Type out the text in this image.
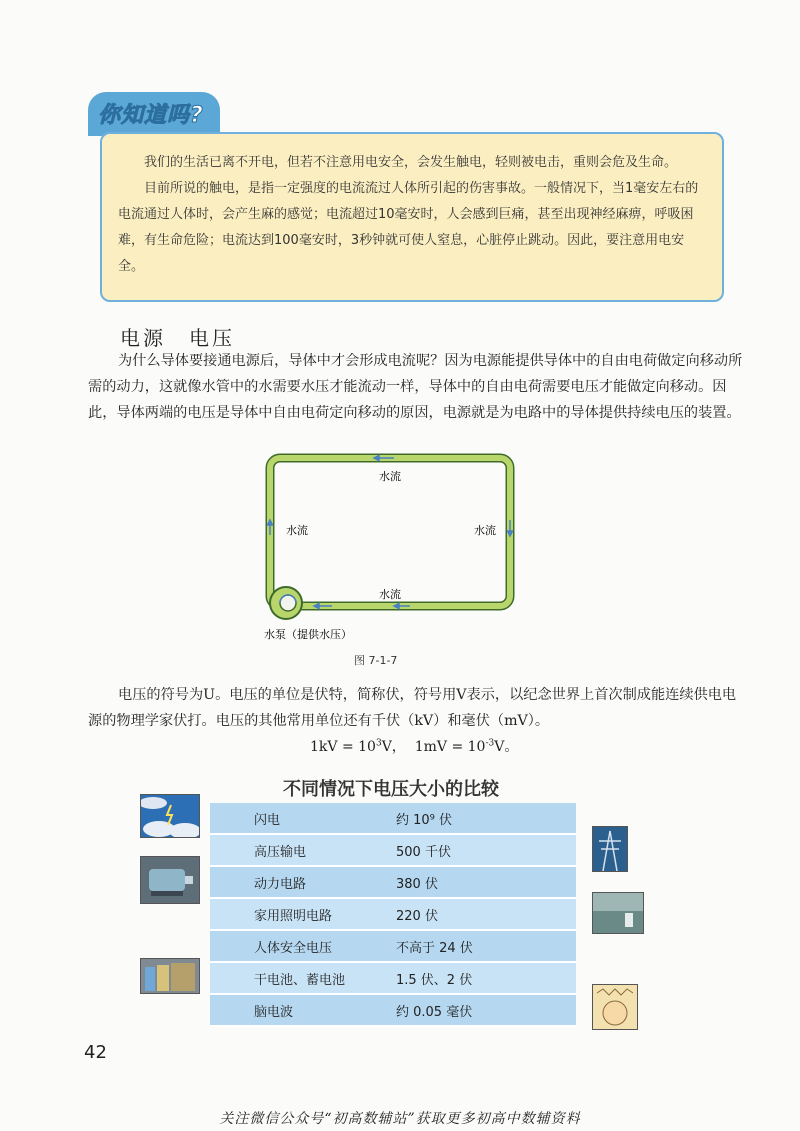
你知道吗?

我们的生活已离不开电，但若不注意用电安全，会发生触电，轻则被电击，重则会危及生命。

目前所说的触电，是指一定强度的电流流过人体所引起的伤害事故。一般情况下，当1毫安左右的电流通过人体时，会产生麻的感觉；电流超过10毫安时，人会感到巨痛，甚至出现神经麻痹，呼吸困难，有生命危险；电流达到100毫安时，3秒钟就可使人窒息，心脏停止跳动。因此，要注意用电安全。

电源　电压

为什么导体要接通电源后，导体中才会形成电流呢？因为电源能提供导体中的自由电荷做定向移动所需的动力，这就像水管中的水需要水压才能流动一样，导体中的自由电荷需要电压才能做定向移动。因此，导体两端的电压是导体中自由电荷定向移动的原因，电源就是为电路中的导体提供持续电压的装置。

水流
水流	水流
水流
水泵（提供水压）
图 7-1-7

电压的符号为U。电压的单位是伏特，简称伏，符号用V表示，以纪念世界上首次制成能连续供电电源的物理学家伏打。电压的其他常用单位还有千伏（kV）和毫伏（mV）。

$1kV = 10^3V$， $1mV = 10^{-3}V$。
不同情况下电压大小的比较
闪电	约 10⁹ 伏
高压输电	500 千伏
动力电路	380 伏
家用照明电路	220 伏
人体安全电压	不高于 24 伏
干电池、蓄电池	1.5 伏、2 伏
脑电波	约 0.05 毫伏
42
关注微信公众号“初高数辅站”获取更多初高中数辅资料
